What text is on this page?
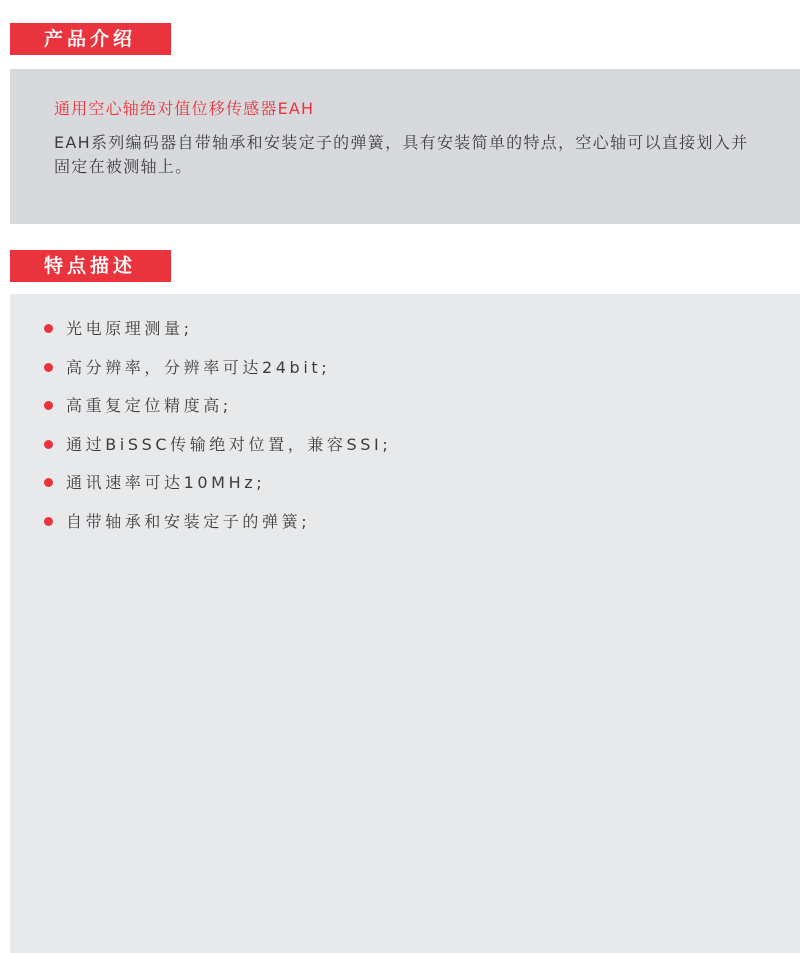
产品介绍
通用空心轴绝对值位移传感器EAH
EAH系列编码器自带轴承和安装定子的弹簧，具有安装简单的特点，空心轴可以直接划入并固定在被测轴上。
特点描述
光电原理测量;
高分辨率，分辨率可达24bit;
高重复定位精度高;
通过BiSSC传输绝对位置，兼容SSI;
通讯速率可达10MHz;
自带轴承和安装定子的弹簧;
